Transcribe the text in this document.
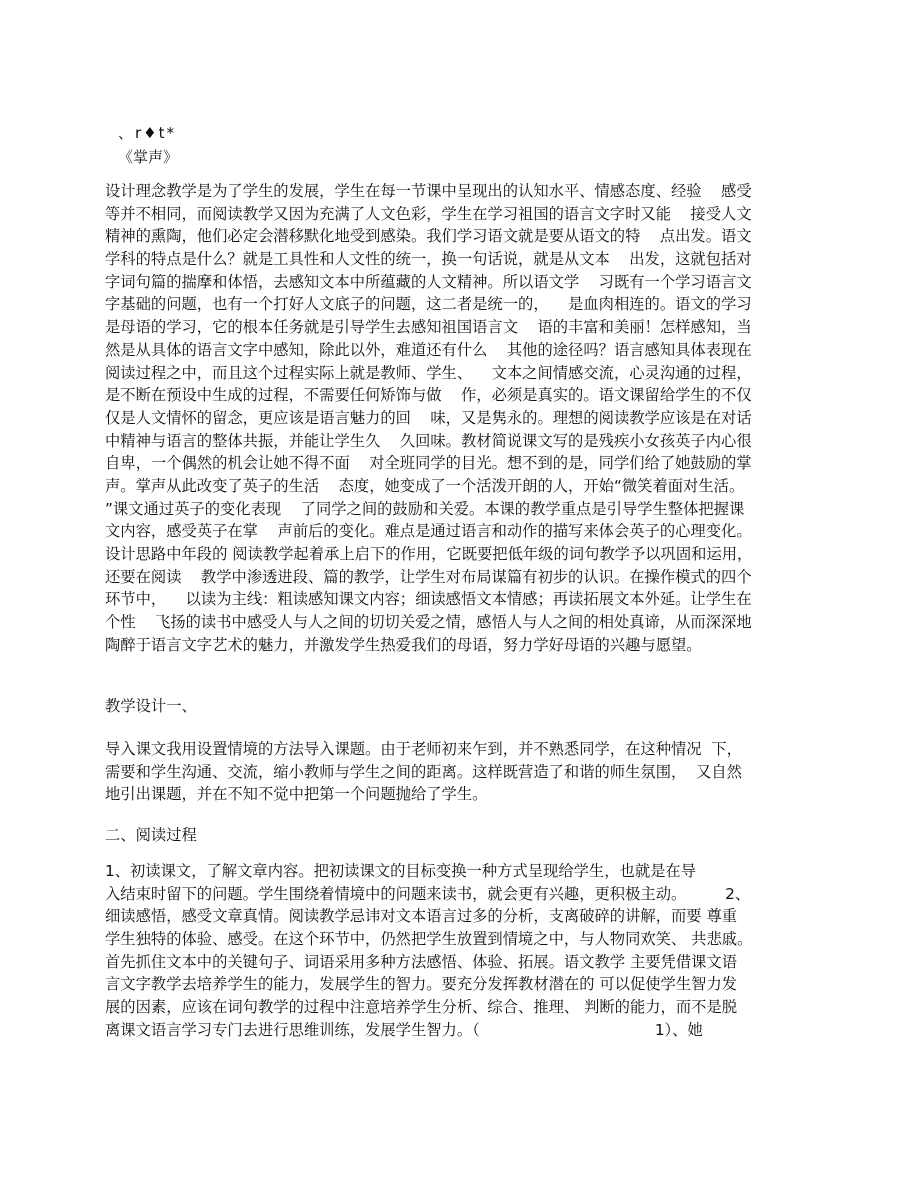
、r♦t*
《掌声》
设计理念教学是为了学生的发展，学生在每一节课中呈现出的认知水平、情感态度、经验    感受
等并不相同，而阅读教学又因为充满了人文色彩，学生在学习祖国的语言文字时又能    接受人文
精神的熏陶，他们必定会潜移默化地受到感染。我们学习语文就是要从语文的特    点出发。语文
学科的特点是什么？就是工具性和人文性的统一，换一句话说，就是从文本    出发，这就包括对
字词句篇的揣摩和体悟，去感知文本中所蕴藏的人文精神。所以语文学    习既有一个学习语言文
字基础的问题，也有一个打好人文底子的问题，这二者是统一的，    是血肉相连的。语文的学习
是母语的学习，它的根本任务就是引导学生去感知祖国语言文    语的丰富和美丽！怎样感知，当
然是从具体的语言文字中感知，除此以外，难道还有什么    其他的途径吗？语言感知具体表现在
阅读过程之中，而且这个过程实际上就是教师、学生、    文本之间情感交流，心灵沟通的过程，
是不断在预设中生成的过程，不需要任何矫饰与做    作，必须是真实的。语文课留给学生的不仅
仅是人文情怀的留念，更应该是语言魅力的回    味，又是隽永的。理想的阅读教学应该是在对话
中精神与语言的整体共振，并能让学生久    久回味。教材简说课文写的是残疾小女孩英子内心很
自卑，一个偶然的机会让她不得不面    对全班同学的目光。想不到的是，同学们给了她鼓励的掌
声。掌声从此改变了英子的生活    态度，她变成了一个活泼开朗的人，开始“微笑着面对生活。
”课文通过英子的变化表现    了同学之间的鼓励和关爱。本课的教学重点是引导学生整体把握课
文内容，感受英子在掌    声前后的变化。难点是通过语言和动作的描写来体会英子的心理变化。
设计思路中年段的 阅读教学起着承上启下的作用，它既要把低年级的词句教学予以巩固和运用，
还要在阅读    教学中渗透进段、篇的教学，让学生对布局谋篇有初步的认识。在操作模式的四个
环节中，    以读为主线：粗读感知课文内容；细读感悟文本情感；再读拓展文本外延。让学生在
个性    飞扬的读书中感受人与人之间的切切关爱之情，感悟人与人之间的相处真谛，从而深深地
陶醉于语言文字艺术的魅力，并激发学生热爱我们的母语，努力学好母语的兴趣与愿望。
教学设计一、
导入课文我用设置情境的方法导入课题。由于老师初来乍到，并不熟悉同学，在这种情况  下，
需要和学生沟通、交流，缩小教师与学生之间的距离。这样既营造了和谐的师生氛围，  又自然
地引出课题，并在不知不觉中把第一个问题抛给了学生。
二、阅读过程
1、初读课文，了解文章内容。把初读课文的目标变换一种方式呈现给学生，也就是在导
入结束时留下的问题。学生围绕着情境中的问题来读书，就会更有兴趣，更积极主动。        2、
细读感悟，感受文章真情。阅读教学忌讳对文本语言过多的分析，支离破碎的讲解，而要 尊重
学生独特的体验、感受。在这个环节中，仍然把学生放置到情境之中，与人物同欢笑、 共悲戚。
首先抓住文本中的关键句子、词语采用多种方法感悟、体验、拓展。语文教学 主要凭借课文语
言文字教学去培养学生的能力，发展学生的智力。要充分发挥教材潜在的 可以促使学生智力发
展的因素，应该在词句教学的过程中注意培养学生分析、综合、推理、 判断的能力，而不是脱
离课文语言学习专门去进行思维训练，发展学生智力。（                                    1）、她
